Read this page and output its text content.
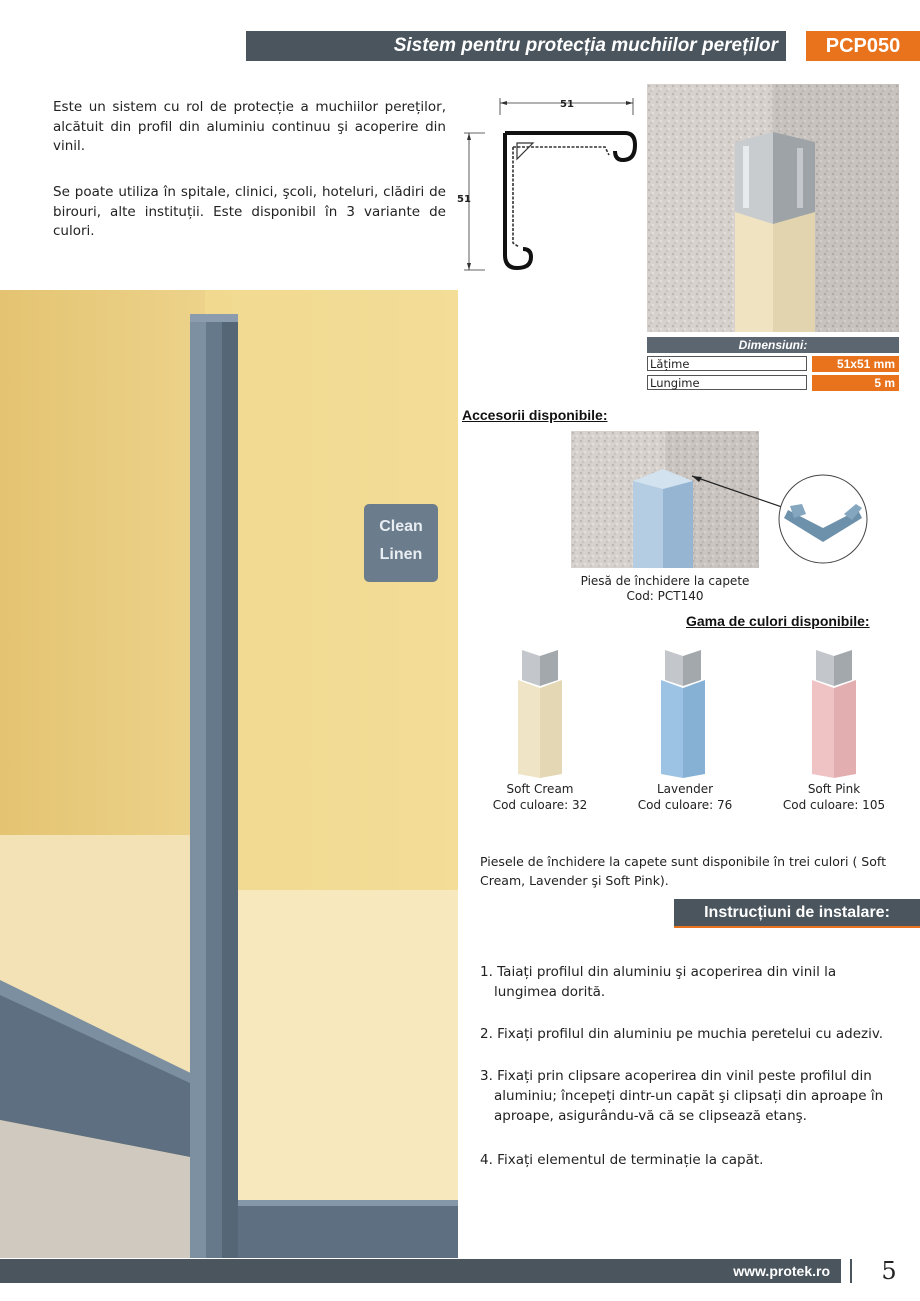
Sistem pentru protecția muchiilor pereților	PCP050
Este un sistem cu rol de protecție a muchiilor pereților, alcătuit din profil din aluminiu continuu şi acoperire din vinil.
Se poate utiliza în spitale, clinici, şcoli, hoteluri, clădiri de birouri, alte instituții. Este disponibil în 3 variante de culori.
51
51
Dimensiuni:
Lățime	51x51 mm
Lungime	5 m
Clean
Linen
Accesorii disponibile:
Piesă de închidere la capete
Cod: PCT140
Gama de culori disponibile:
Soft Cream
Cod culoare: 32
Lavender
Cod culoare: 76
Soft Pink
Cod culoare: 105
Piesele de închidere la capete sunt disponibile în trei culori ( Soft Cream, Lavender şi Soft Pink).
Instrucțiuni de instalare:
1. Taiați profilul din aluminiu şi acoperirea din vinil la lungimea dorită.
2. Fixați profilul din aluminiu pe muchia peretelui cu adeziv.
3. Fixați prin clipsare acoperirea din vinil peste profilul din aluminiu; începeți dintr-un capăt şi clipsați din aproape în aproape, asigurându-vă că se clipsează etanş.
4. Fixați elementul de terminație la capăt.
www.protek.ro	5
